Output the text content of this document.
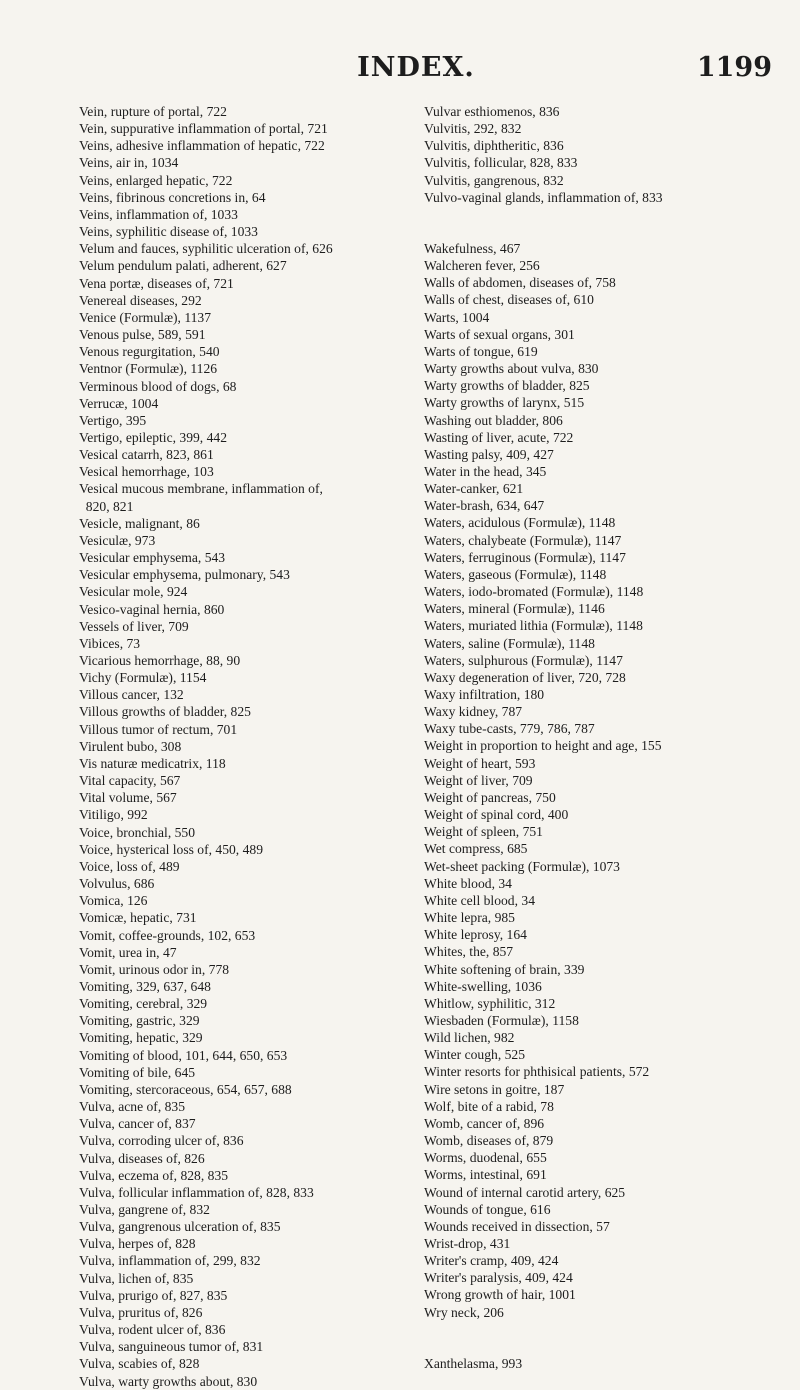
INDEX.	1199
Vein, rupture of portal, 722
Vein, suppurative inflammation of portal, 721
Veins, adhesive inflammation of hepatic, 722
Veins, air in, 1034
Veins, enlarged hepatic, 722
Veins, fibrinous concretions in, 64
Veins, inflammation of, 1033
Veins, syphilitic disease of, 1033
Velum and fauces, syphilitic ulceration of, 626
Velum pendulum palati, adherent, 627
Vena portæ, diseases of, 721
Venereal diseases, 292
Venice (Formulæ), 1137
Venous pulse, 589, 591
Venous regurgitation, 540
Ventnor (Formulæ), 1126
Verminous blood of dogs, 68
Verrucæ, 1004
Vertigo, 395
Vertigo, epileptic, 399, 442
Vesical catarrh, 823, 861
Vesical hemorrhage, 103
Vesical mucous membrane, inflammation of,
820, 821
Vesicle, malignant, 86
Vesiculæ, 973
Vesicular emphysema, 543
Vesicular emphysema, pulmonary, 543
Vesicular mole, 924
Vesico-vaginal hernia, 860
Vessels of liver, 709
Vibices, 73
Vicarious hemorrhage, 88, 90
Vichy (Formulæ), 1154
Villous cancer, 132
Villous growths of bladder, 825
Villous tumor of rectum, 701
Virulent bubo, 308
Vis naturæ medicatrix, 118
Vital capacity, 567
Vital volume, 567
Vitiligo, 992
Voice, bronchial, 550
Voice, hysterical loss of, 450, 489
Voice, loss of, 489
Volvulus, 686
Vomica, 126
Vomicæ, hepatic, 731
Vomit, coffee-grounds, 102, 653
Vomit, urea in, 47
Vomit, urinous odor in, 778
Vomiting, 329, 637, 648
Vomiting, cerebral, 329
Vomiting, gastric, 329
Vomiting, hepatic, 329
Vomiting of blood, 101, 644, 650, 653
Vomiting of bile, 645
Vomiting, stercoraceous, 654, 657, 688
Vulva, acne of, 835
Vulva, cancer of, 837
Vulva, corroding ulcer of, 836
Vulva, diseases of, 826
Vulva, eczema of, 828, 835
Vulva, follicular inflammation of, 828, 833
Vulva, gangrene of, 832
Vulva, gangrenous ulceration of, 835
Vulva, herpes of, 828
Vulva, inflammation of, 299, 832
Vulva, lichen of, 835
Vulva, prurigo of, 827, 835
Vulva, pruritus of, 826
Vulva, rodent ulcer of, 836
Vulva, sanguineous tumor of, 831
Vulva, scabies of, 828
Vulva, warty growths about, 830
Vulvar esthiomenos, 836
Vulvitis, 292, 832
Vulvitis, diphtheritic, 836
Vulvitis, follicular, 828, 833
Vulvitis, gangrenous, 832
Vulvo-vaginal glands, inflammation of, 833
Wakefulness, 467
Walcheren fever, 256
Walls of abdomen, diseases of, 758
Walls of chest, diseases of, 610
Warts, 1004
Warts of sexual organs, 301
Warts of tongue, 619
Warty growths about vulva, 830
Warty growths of bladder, 825
Warty growths of larynx, 515
Washing out bladder, 806
Wasting of liver, acute, 722
Wasting palsy, 409, 427
Water in the head, 345
Water-canker, 621
Water-brash, 634, 647
Waters, acidulous (Formulæ), 1148
Waters, chalybeate (Formulæ), 1147
Waters, ferruginous (Formulæ), 1147
Waters, gaseous (Formulæ), 1148
Waters, iodo-bromated (Formulæ), 1148
Waters, mineral (Formulæ), 1146
Waters, muriated lithia (Formulæ), 1148
Waters, saline (Formulæ), 1148
Waters, sulphurous (Formulæ), 1147
Waxy degeneration of liver, 720, 728
Waxy infiltration, 180
Waxy kidney, 787
Waxy tube-casts, 779, 786, 787
Weight in proportion to height and age, 155
Weight of heart, 593
Weight of liver, 709
Weight of pancreas, 750
Weight of spinal cord, 400
Weight of spleen, 751
Wet compress, 685
Wet-sheet packing (Formulæ), 1073
White blood, 34
White cell blood, 34
White lepra, 985
White leprosy, 164
Whites, the, 857
White softening of brain, 339
White-swelling, 1036
Whitlow, syphilitic, 312
Wiesbaden (Formulæ), 1158
Wild lichen, 982
Winter cough, 525
Winter resorts for phthisical patients, 572
Wire setons in goitre, 187
Wolf, bite of a rabid, 78
Womb, cancer of, 896
Womb, diseases of, 879
Worms, duodenal, 655
Worms, intestinal, 691
Wound of internal carotid artery, 625
Wounds of tongue, 616
Wounds received in dissection, 57
Wrist-drop, 431
Writer's cramp, 409, 424
Writer's paralysis, 409, 424
Wrong growth of hair, 1001
Wry neck, 206
Xanthelasma, 993
